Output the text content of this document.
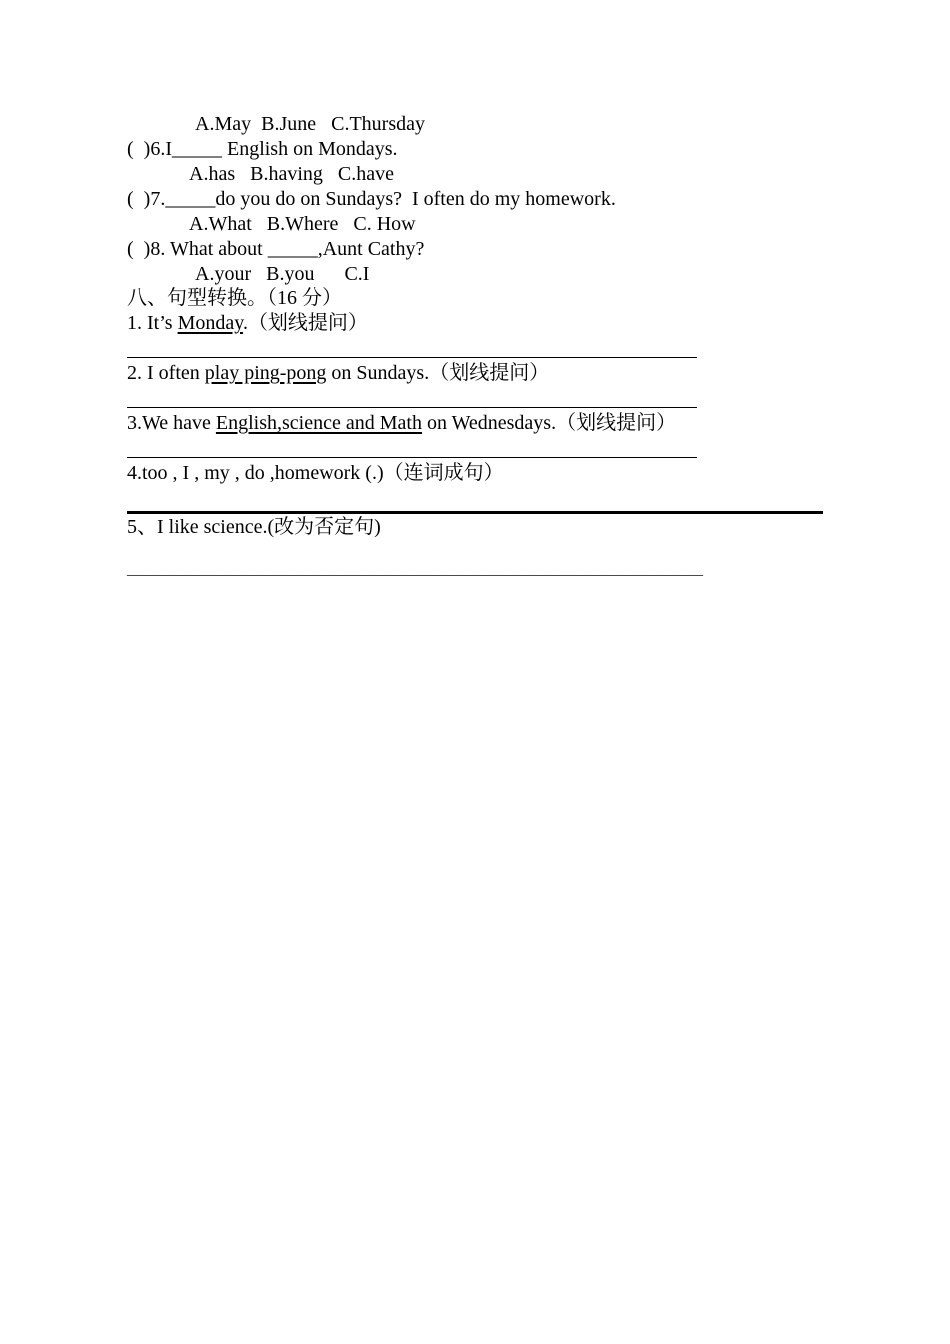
A.May  B.June   C.Thursday
(  )6.I_____ English on Mondays.
A.has   B.having   C.have
(  )7._____do you do on Sundays?  I often do my homework.
A.What   B.Where   C. How
(  )8. What about _____,Aunt Cathy?
A.your   B.you      C.I
八、句型转换。（16 分）
1. It’s Monday.（划线提问）
2. I often play ping-pong on Sundays.（划线提问）
3.We have English,science and Math on Wednesdays.（划线提问）
4.too , I , my , do ,homework (.)（连词成句）
5、I like science.(改为否定句)
————————————————————————————————
